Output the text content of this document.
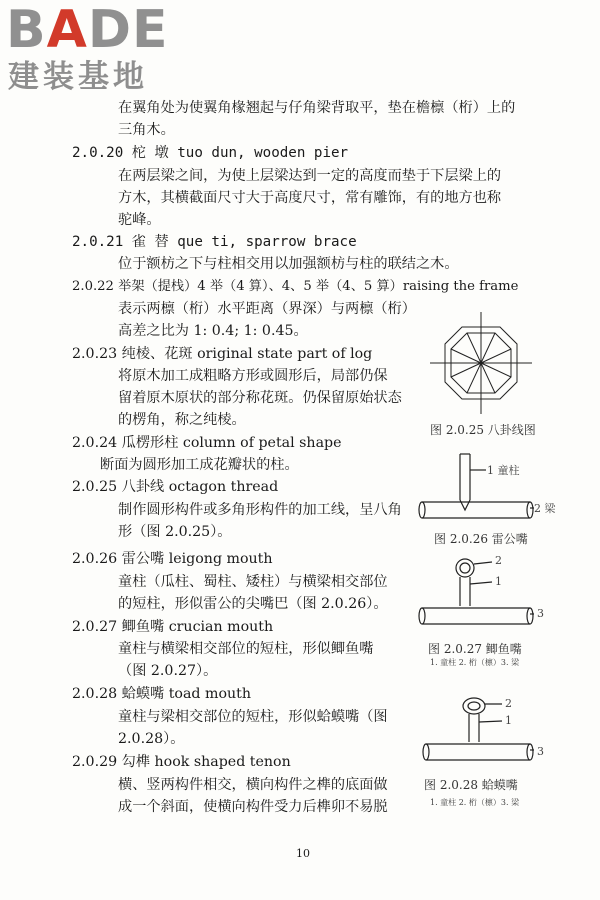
BADE
建装基地
在翼角处为使翼角椽翘起与仔角梁背取平，垫在檐檩（桁）上的
三角木。
2.0.20 柁 墩 tuo dun, wooden pier
在两层梁之间，为使上层梁达到一定的高度而垫于下层梁上的
方木，其横截面尺寸大于高度尺寸，常有雕饰，有的地方也称
驼峰。
2.0.21 雀 替 que ti, sparrow brace
位于额枋之下与柱相交用以加强额枋与柱的联结之木。
2.0.22 举架（提栈）4 举（4 算）、4、5 举（4、5 算）raising the frame
表示两檩（桁）水平距离（界深）与两檩（桁）
高差之比为 1: 0.4; 1: 0.45。
2.0.23 纯棱、花斑 original state part of log
将原木加工成粗略方形或圆形后，局部仍保
留着原木原状的部分称花斑。仍保留原始状态
的楞角，称之纯棱。
2.0.24 瓜楞形柱 column of petal shape
断面为圆形加工成花瓣状的柱。
2.0.25 八卦线 octagon thread
制作圆形构件或多角形构件的加工线，呈八角
形（图 2.0.25）。
2.0.26 雷公嘴 leigong mouth
童柱（瓜柱、蜀柱、矮柱）与横梁相交部位
的短柱，形似雷公的尖嘴巴（图 2.0.26）。
2.0.27 鲫鱼嘴 crucian mouth
童柱与横梁相交部位的短柱，形似鲫鱼嘴
（图 2.0.27）。
2.0.28 蛤蟆嘴 toad mouth
童柱与梁相交部位的短柱，形似蛤蟆嘴（图
2.0.28）。
2.0.29 勾榫 hook shaped tenon
横、竖两构件相交，横向构件之榫的底面做
成一个斜面，使横向构件受力后榫卯不易脱
图 2.0.25 八卦线图
1 童柱
2 梁
图 2.0.26 雷公嘴
2
1
3
图 2.0.27 鲫鱼嘴
1. 童柱 2. 桁（檩）3. 梁
2
1
3
图 2.0.28 蛤蟆嘴
1. 童柱 2. 桁（檩）3. 梁
10
